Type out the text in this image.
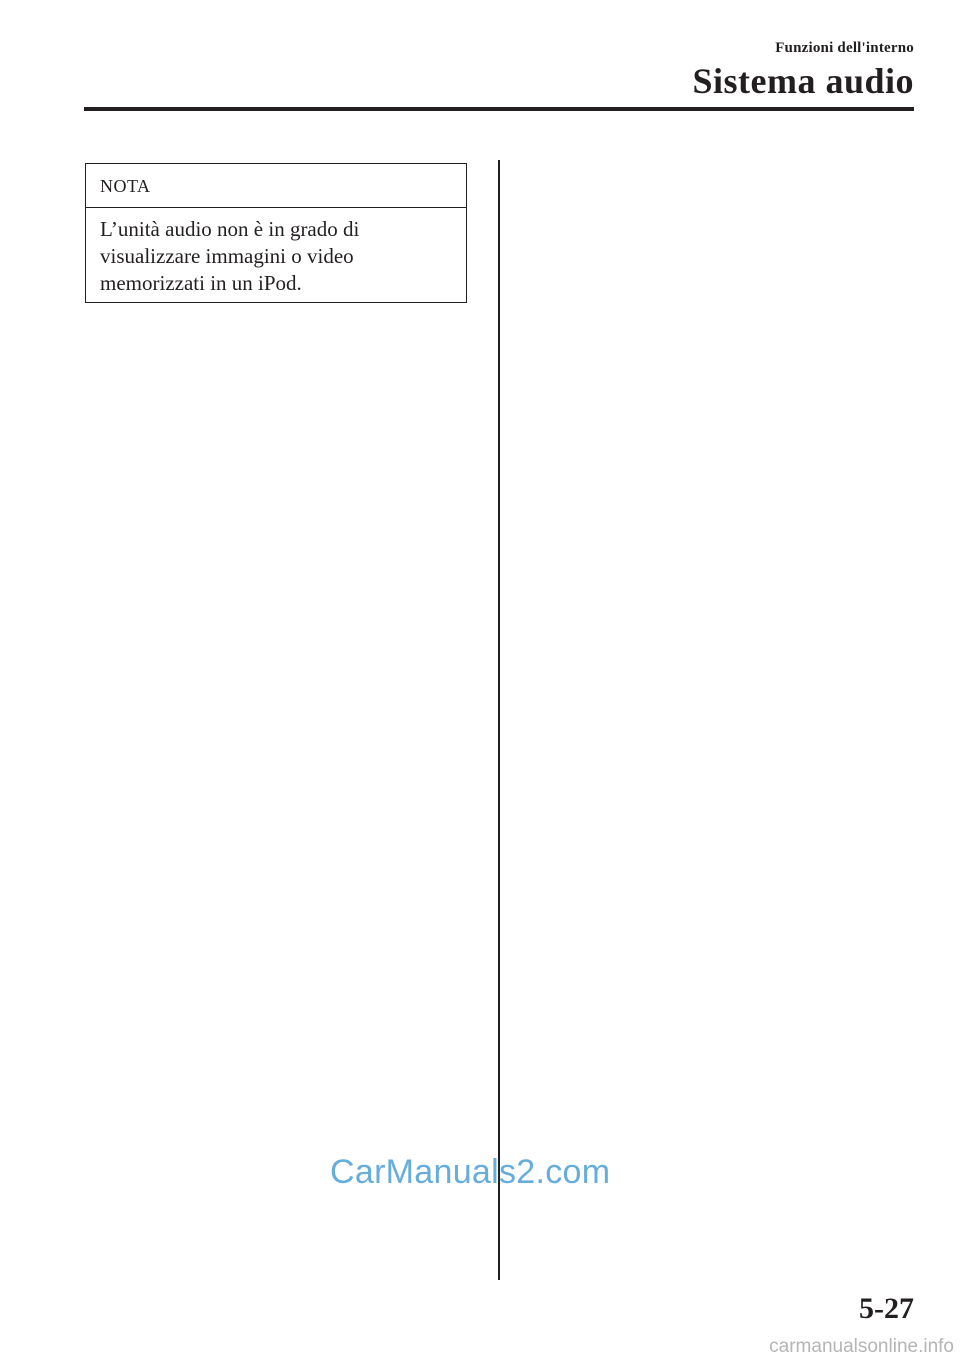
Funzioni dell'interno
Sistema audio
NOTA
L’unità audio non è in grado di
visualizzare immagini o video
memorizzati in un iPod.
CarManuals2.com
5-27
carmanualsonline.info
